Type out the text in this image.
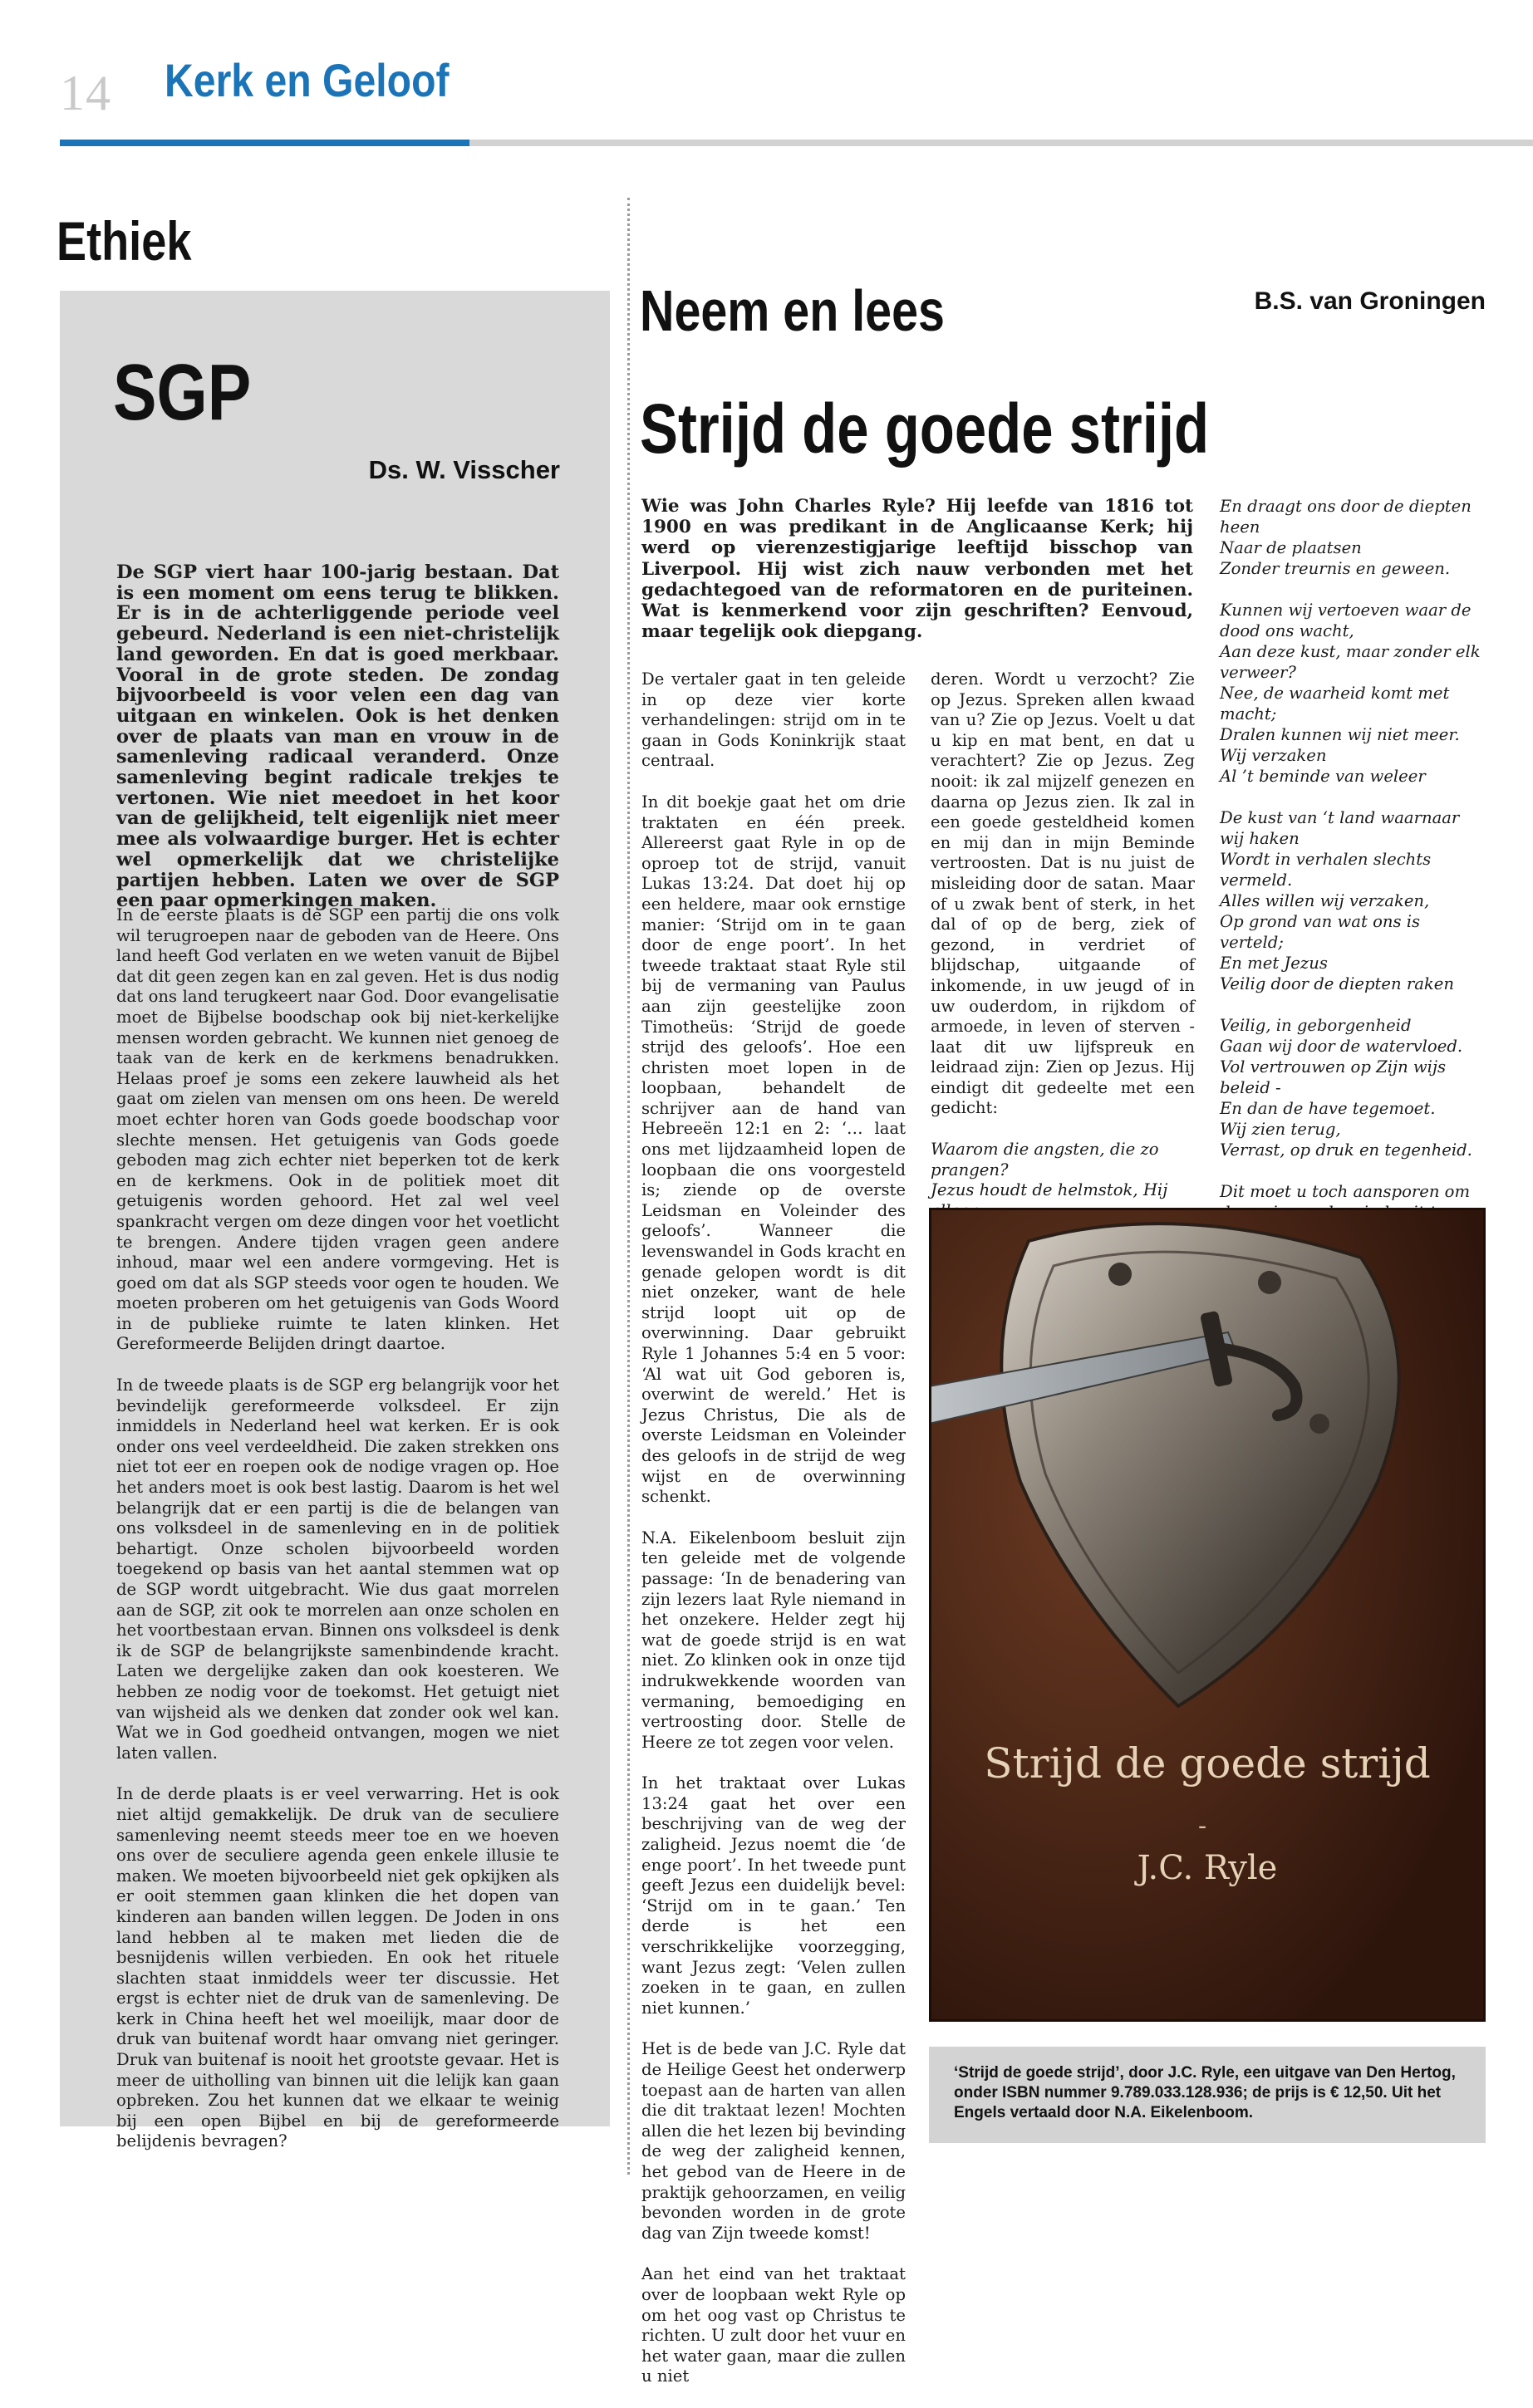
14 Kerk en Geloof
Ethiek
SGP
Ds. W. Visscher
De SGP viert haar 100-jarig bestaan. Dat is een moment om eens terug te blikken. Er is in de achterliggende periode veel gebeurd. Nederland is een niet-christelijk land geworden. En dat is goed merkbaar. Vooral in de grote steden. De zondag bijvoorbeeld is voor velen een dag van uitgaan en winkelen. Ook is het denken over de plaats van man en vrouw in de samenleving radicaal veranderd. Onze samenleving begint radicale trekjes te vertonen. Wie niet meedoet in het koor van de gelijkheid, telt eigenlijk niet meer mee als volwaardige burger. Het is echter wel opmerkelijk dat we christelijke partijen hebben. Laten we over de SGP een paar opmerkingen maken.

In de eerste plaats is de SGP een partij die ons volk wil terugroepen naar de geboden van de Heere. Ons land heeft God verlaten en we weten vanuit de Bijbel dat dit geen zegen kan en zal geven. Het is dus nodig dat ons land terugkeert naar God. Door evangelisatie moet de Bijbelse boodschap ook bij niet-kerkelijke mensen worden gebracht. We kunnen niet genoeg de taak van de kerk en de kerkmens benadrukken. Helaas proef je soms een zekere lauwheid als het gaat om zielen van mensen om ons heen. De wereld moet echter horen van Gods goede boodschap voor slechte mensen. Het getuigenis van Gods goede geboden mag zich echter niet beperken tot de kerk en de kerkmens. Ook in de politiek moet dit getuigenis worden gehoord. Het zal wel veel spankracht vergen om deze dingen voor het voetlicht te brengen. Andere tijden vragen geen andere inhoud, maar wel een andere vormgeving. Het is goed om dat als SGP steeds voor ogen te houden. We moeten proberen om het getuigenis van Gods Woord in de publieke ruimte te laten klinken. Het Gereformeerde Belijden dringt daartoe.

In de tweede plaats is de SGP erg belangrijk voor het bevindelijk gereformeerde volksdeel. Er zijn inmiddels in Nederland heel wat kerken. Er is ook onder ons veel verdeeldheid. Die zaken strekken ons niet tot eer en roepen ook de nodige vragen op. Hoe het anders moet is ook best lastig. Daarom is het wel belangrijk dat er een partij is die de belangen van ons volksdeel in de samenleving en in de politiek behartigt. Onze scholen bijvoorbeeld worden toegekend op basis van het aantal stemmen wat op de SGP wordt uitgebracht. Wie dus gaat morrelen aan de SGP, zit ook te morrelen aan onze scholen en het voortbestaan ervan. Binnen ons volksdeel is denk ik de SGP de belangrijkste samenbindende kracht. Laten we dergelijke zaken dan ook koesteren. We hebben ze nodig voor de toekomst. Het getuigt niet van wijsheid als we denken dat zonder ook wel kan. Wat we in God goedheid ontvangen, mogen we niet laten vallen.

In de derde plaats is er veel verwarring. Het is ook niet altijd gemakkelijk. De druk van de seculiere samenleving neemt steeds meer toe en we hoeven ons over de seculiere agenda geen enkele illusie te maken. We moeten bijvoorbeeld niet gek opkijken als er ooit stemmen gaan klinken die het dopen van kinderen aan banden willen leggen. De Joden in ons land hebben al te maken met lieden die de besnijdenis willen verbieden. En ook het rituele slachten staat inmiddels weer ter discussie. Het ergst is echter niet de druk van de samenleving. De kerk in China heeft het wel moeilijk, maar door de druk van buitenaf wordt haar omvang niet geringer. Druk van buitenaf is nooit het grootste gevaar. Het is meer de uitholling van binnen uit die lelijk kan gaan opbreken. Zou het kunnen dat we elkaar te weinig bij een open Bijbel en bij de gereformeerde belijdenis bevragen?

Neem en lees	B.S. van Groningen
Strijd de goede strijd
Wie was John Charles Ryle? Hij leefde van 1816 tot 1900 en was predikant in de Anglicaanse Kerk; hij werd op vierenzestigjarige leeftijd bisschop van Liverpool. Hij wist zich nauw verbonden met het gedachtegoed van de reformatoren en de puriteinen. Wat is kenmerkend voor zijn geschriften? Eenvoud, maar tegelijk ook diepgang.

De vertaler gaat in ten geleide in op deze vier korte verhandelingen: strijd om in te gaan in Gods Koninkrijk staat centraal.

In dit boekje gaat het om drie traktaten en één preek. Allereerst gaat Ryle in op de oproep tot de strijd, vanuit Lukas 13:24. Dat doet hij op een heldere, maar ook ernstige manier: ‘Strijd om in te gaan door de enge poort’. In het tweede traktaat staat Ryle stil bij de vermaning van Paulus aan zijn geestelijke zoon Timotheüs: ‘Strijd de goede strijd des geloofs’. Hoe een christen moet lopen in de loopbaan, behandelt de schrijver aan de hand van Hebreeën 12:1 en 2: ‘… laat ons met lijdzaamheid lopen de loopbaan die ons voorgesteld is; ziende op de overste Leidsman en Voleinder des geloofs’. Wanneer die levenswandel in Gods kracht en genade gelopen wordt is dit niet onzeker, want de hele strijd loopt uit op de overwinning. Daar gebruikt Ryle 1 Johannes 5:4 en 5 voor: ‘Al wat uit God geboren is, overwint de wereld.’ Het is Jezus Christus, Die als de overste Leidsman en Voleinder des geloofs in de strijd de weg wijst en de overwinning schenkt.

N.A. Eikelenboom besluit zijn ten geleide met de volgende passage: ‘In de benadering van zijn lezers laat Ryle niemand in het onzekere. Helder zegt hij wat de goede strijd is en wat niet. Zo klinken ook in onze tijd indrukwekkende woorden van vermaning, bemoediging en vertroosting door. Stelle de Heere ze tot zegen voor velen.

In het traktaat over Lukas 13:24 gaat het over een beschrijving van de weg der zaligheid. Jezus noemt die ‘de enge poort’. In het tweede punt geeft Jezus een duidelijk bevel: ‘Strijd om in te gaan.’ Ten derde is het een verschrikkelijke voorzegging, want Jezus zegt: ‘Velen zullen zoeken in te gaan, en zullen niet kunnen.’

Het is de bede van J.C. Ryle dat de Heilige Geest het onderwerp toepast aan de harten van allen die dit traktaat lezen! Mochten allen die het lezen bij bevinding de weg der zaligheid kennen, het gebod van de Heere in de praktijk gehoorzamen, en veilig bevonden worden in de grote dag van Zijn tweede komst!

Aan het eind van het traktaat over de loopbaan wekt Ryle op om het oog vast op Christus te richten. U zult door het vuur en het water gaan, maar die zullen u niet

deren. Wordt u verzocht? Zie op Jezus. Spreken allen kwaad van u? Zie op Jezus. Voelt u dat u kip en mat bent, en dat u verachtert? Zie op Jezus. Zeg nooit: ik zal mijzelf genezen en daarna op Jezus zien. Ik zal in een goede gesteldheid komen en mij dan in mijn Beminde vertroosten. Dat is nu juist de misleiding door de satan. Maar of u zwak bent of sterk, in het dal of op de berg, ziek of gezond, in verdriet of blijdschap, uitgaande of inkomende, in uw jeugd of in uw ouderdom, in rijkdom of armoede, in leven of sterven - laat dit uw lijfspreuk en leidraad zijn: Zien op Jezus. Hij eindigt dit gedeelte met een gedicht:

Waarom die angsten, die zo prangen?
Jezus houdt de helmstok, Hij

En draagt ons door de diepten heen
Naar de plaatsen
Zonder treurnis en geween.

Kunnen wij vertoeven waar de dood ons wacht,
Aan deze kust, maar zonder elk verweer?
Nee, de waarheid komt met macht;
Dralen kunnen wij niet meer.
Wij verzaken
Al ’t beminde van weleer

De kust van ‘t land waarnaar wij haken
Wordt in verhalen slechts vermeld.
Alles willen wij verzaken,
Op grond van wat ons is verteld;
En met Jezus
Veilig door de diepten raken

Veilig, in geborgenheid
Gaan wij door de watervloed.
Vol vertrouwen op Zijn wijs beleid -
En dan de have tegemoet.
Wij zien terug,
Verrast, op druk en tegenheid.

Dit moet u toch aansporen om

Strijd de goede strijd
-
J.C. Ryle
‘Strijd de goede strijd’, door J.C. Ryle, een uitgave van Den Hertog, onder ISBN nummer 9.789.033.128.936; de prijs is € 12,50. Uit het Engels vertaald door N.A. Eikelenboom.
